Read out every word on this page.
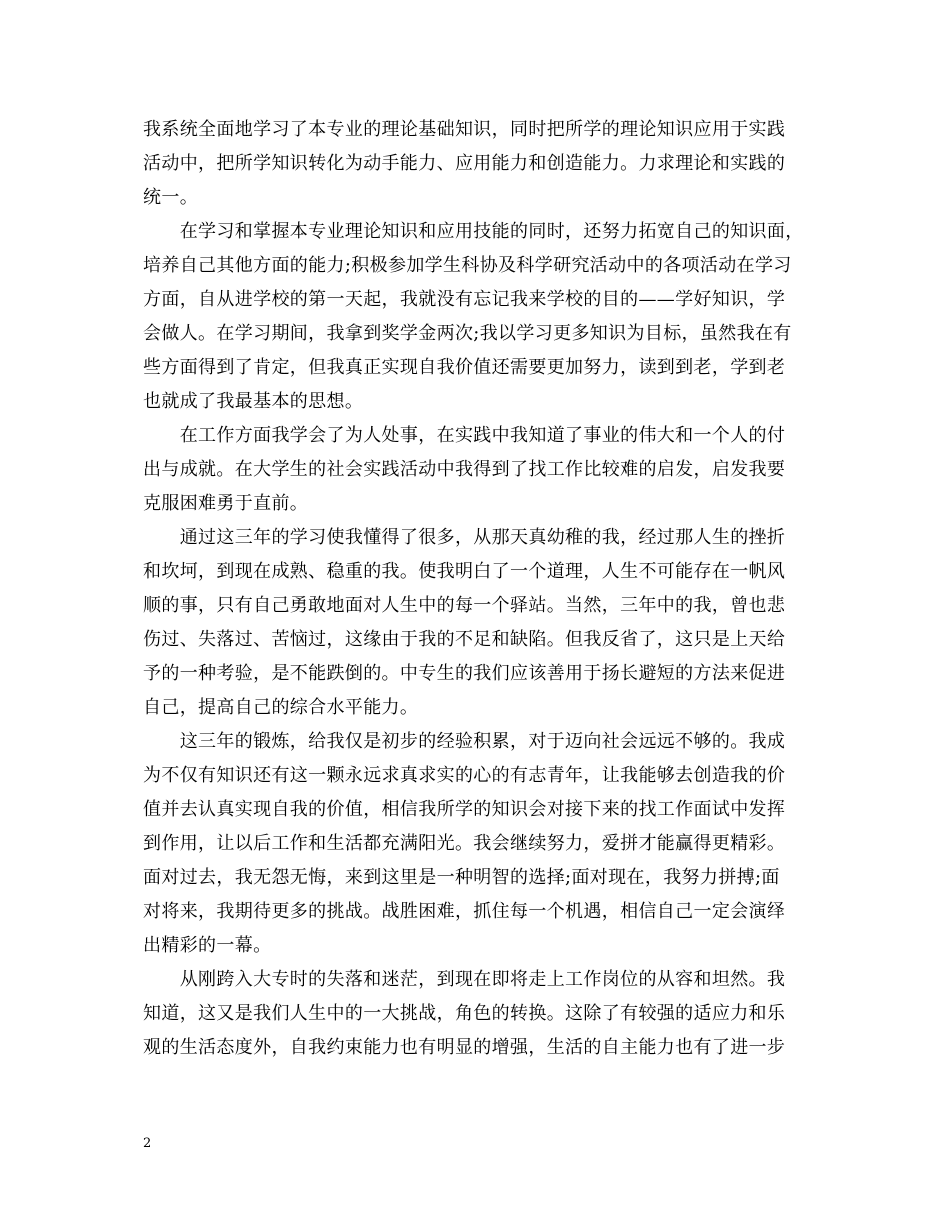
我系统全面地学习了本专业的理论基础知识，同时把所学的理论知识应用于实践
活动中，把所学知识转化为动手能力、应用能力和创造能力。力求理论和实践的
统一。
　　在学习和掌握本专业理论知识和应用技能的同时，还努力拓宽自己的知识面，
培养自己其他方面的能力;积极参加学生科协及科学研究活动中的各项活动在学习
方面，自从进学校的第一天起，我就没有忘记我来学校的目的——学好知识，学
会做人。在学习期间，我拿到奖学金两次;我以学习更多知识为目标，虽然我在有
些方面得到了肯定，但我真正实现自我价值还需要更加努力，读到到老，学到老
也就成了我最基本的思想。
　　在工作方面我学会了为人处事，在实践中我知道了事业的伟大和一个人的付
出与成就。在大学生的社会实践活动中我得到了找工作比较难的启发，启发我要
克服困难勇于直前。
　　通过这三年的学习使我懂得了很多，从那天真幼稚的我，经过那人生的挫折
和坎坷，到现在成熟、稳重的我。使我明白了一个道理，人生不可能存在一帆风
顺的事，只有自己勇敢地面对人生中的每一个驿站。当然，三年中的我，曾也悲
伤过、失落过、苦恼过，这缘由于我的不足和缺陷。但我反省了，这只是上天给
予的一种考验，是不能跌倒的。中专生的我们应该善用于扬长避短的方法来促进
自己，提高自己的综合水平能力。
　　这三年的锻炼，给我仅是初步的经验积累，对于迈向社会远远不够的。我成
为不仅有知识还有这一颗永远求真求实的心的有志青年，让我能够去创造我的价
值并去认真实现自我的价值，相信我所学的知识会对接下来的找工作面试中发挥
到作用，让以后工作和生活都充满阳光。我会继续努力，爱拼才能赢得更精彩。
面对过去，我无怨无悔，来到这里是一种明智的选择;面对现在，我努力拼搏;面
对将来，我期待更多的挑战。战胜困难，抓住每一个机遇，相信自己一定会演绎
出精彩的一幕。
　　从刚跨入大专时的失落和迷茫，到现在即将走上工作岗位的从容和坦然。我
知道，这又是我们人生中的一大挑战，角色的转换。这除了有较强的适应力和乐
观的生活态度外，自我约束能力也有明显的增强，生活的自主能力也有了进一步
2
